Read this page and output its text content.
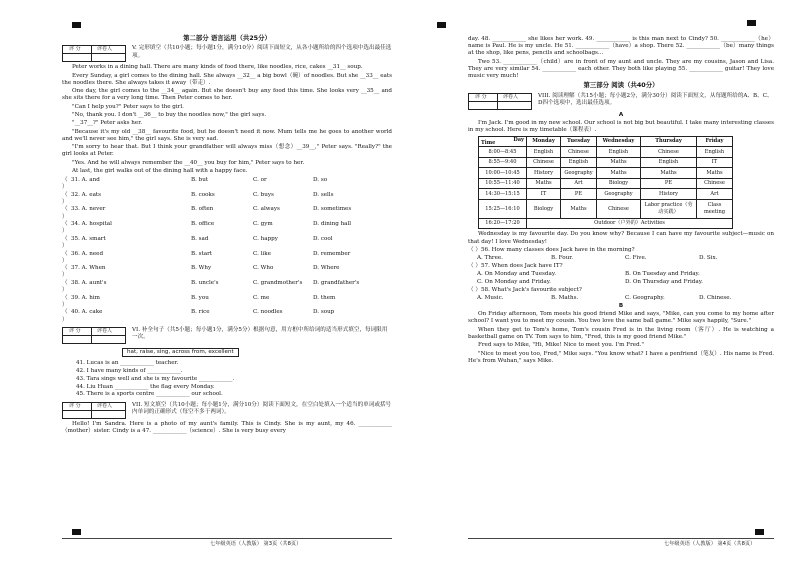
第二部分 语言运用（共25分）
评 分	评卷人	V. 完形填空（共10小题；每小题1分，满分10分）阅读下面短文，从各小题所给的四个选项中选出最佳选项。

Peter works in a dining hall. There are many kinds of food there, like noodles, rice, cakes __31__ soup.

Every Sunday, a girl comes to the dining hall. She always __32__ a big bowl（碗）of noodles. But she __33__ eats the noodles there. She always takes it away（带走）.

One day, the girl comes to the __34__ again. But she doesn't buy any food this time. She looks very __35__ and she sits there for a very long time. Then Peter comes to her.

"Can I help you?" Peter says to the girl.

"No, thank you. I don't __36__ to buy the noodles now," the girl says.

"__37__?" Peter asks her.

"Because it's my old __38__ favourite food, but he doesn't need it now. Mum tells me he goes to another world and we'll never see him," the girl says. She is very sad.

"I'm sorry to hear that. But I think your grandfather will always miss（想念）__39__," Peter says. "Really?" the girl looks at Peter.

"Yes. And he will always remember the __40__ you buy for him," Peter says to her.

At last, the girl walks out of the dining hall with a happy face.

（ ）
31. A. and	B. but	C. or	D. so
（ ）
32. A. eats	B. cooks	C. buys	D. sells
（ ）
33. A. never	B. often	C. always	D. sometimes
（ ）
34. A. hospital	B. office	C. gym	D. dining hall
（ ）
35. A. smart	B. sad	C. happy	D. cool
（ ）
36. A. need	B. start	C. like	D. remember
（ ）
37. A. When	B. Why	C. Who	D. Where
（ ）
38. A. aunt's	B. uncle's	C. grandmother's	D. grandfather's
（ ）
39. A. him	B. you	C. me	D. them
（ ）
40. A. cake	B. rice	C. noodles	D. soup
评 分	评卷人	VI. 补全句子（共5小题；每小题1分，满分5分）根据句意，用方框中所给词的适当形式填空，每词限用一次。
hat, raise, sing, across from, excellent
41. Lucas is an ____________ teacher.
42. I have many kinds of ____________.
43. Tara sings well and she is my favourite ____________.
44. Liu Huan ____________ the flag every Monday.
45. There is a sports centre ____________ our school.
评 分	评卷人	VII. 短文填空（共10小题；每小题1分，满分10分）阅读下面短文，在空白处填入一个适当的单词或括号内单词的正确形式（每空不多于两词）。

Hello! I'm Sandra. Here is a photo of my aunt's family. This is Cindy. She is my aunt, my 46. ____________（mother）sister. Cindy is a 47. ____________（science）. She is very busy every

七年级英语（人教版） 第3页（共8页）

day. 48. ____________ she likes her work. 49. ____________ is this man next to Cindy? 50. ____________（he）name is Paul. He is my uncle. He 51. ____________（have）a shop. There 52. ____________（be）many things at the shop, like pens, pencils and schoolbags...

Two 53. ____________（child）are in front of my aunt and uncle. They are my cousins, Jason and Lisa. They are very similar 54. ____________ each other. They both like playing 55. ____________ guitar! They love music very much!

第三部分 阅读（共40分）
评 分	评卷人	VIII. 阅读理解（共15小题；每小题2分，满分30分）阅读下面短文，从每题所给的A、B、C、D四个选项中，选出最佳选项。
A

I'm Jack. I'm good in my new school. Our school is not big but beautiful. I take many interesting classes in my school. Here is my timetable（课程表）.

Day
Time	Monday	Tuesday	Wednesday	Thursday	Friday
8:00—8:45	English	Chinese	English	Chinese	English
8:55—9:40	Chinese	English	Maths	English	IT
10:00—10:45	History	Geography	Maths	Maths	Maths
10:55—11:40	Maths	Art	Biology	PE	Chinese
14:30—15:15	IT	PE	Geography	History	Art
15:25—16:10	Biology	Maths	Chinese	Labor practice（劳动实践）	Class meeting
16:20—17:20	Outdoor（户外的）Activities				

Wednesday is my favourite day. Do you know why? Because I can have my favourite subject—music on that day! I love Wednesday!

（ ）56. How many classes does Jack have in the morning?
A. Three.	B. Four.	C. Five.	D. Six.
（ ）57. When does Jack have IT?
A. On Monday and Tuesday.	B. On Tuesday and Friday.
C. On Monday and Friday.	D. On Thursday and Friday.
（ ）58. What's Jack's favourite subject?
A. Music.	B. Maths.	C. Geography.	D. Chinese.
B

On Friday afternoon, Tom meets his good friend Mike and says, "Mike, can you come to my home after school? I want you to meet my cousin. You two love the same ball game." Mike says happily, "Sure."

When they get to Tom's home, Tom's cousin Fred is in the living room（客厅）. He is watching a basketball game on TV. Tom says to him, "Fred, this is my good friend Mike."

Fred says to Mike, "Hi, Mike! Nice to meet you. I'm Fred."

"Nice to meet you too, Fred," Mike says. "You know what? I have a penfriend（笔友）. His name is Fred. He's from Wuhan," says Mike.

七年级英语（人教版） 第4页（共8页）
